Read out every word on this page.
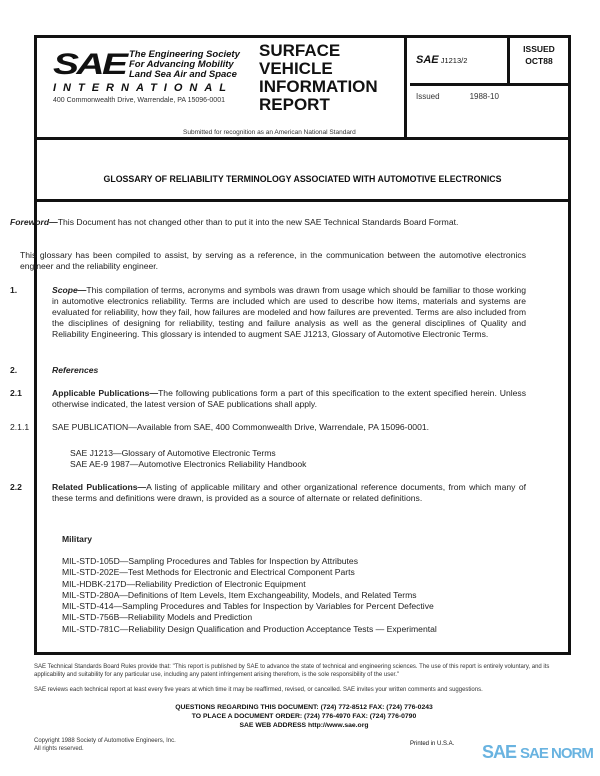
SAE The Engineering Society
For Advancing Mobility
Land Sea Air and Space
INTERNATIONAL
400 Commonwealth Drive, Warrendale, PA 15096-0001
SURFACE
VEHICLE
INFORMATION
REPORT
Submitted for recognition as an American National Standard
SAE J1213/2
ISSUED
OCT88
Issued	1988-10
GLOSSARY OF RELIABILITY TERMINOLOGY ASSOCIATED WITH AUTOMOTIVE ELECTRONICS
Foreword—This Document has not changed other than to put it into the new SAE Technical Standards Board Format.
This glossary has been compiled to assist, by serving as a reference, in the communication between the automotive electronics engineer and the reliability engineer.
1.	Scope—This compilation of terms, acronyms and symbols was drawn from usage which should be familiar to those working in automotive electronics reliability. Terms are included which are used to describe how items, materials and systems are evaluated for reliability, how they fail, how failures are modeled and how failures are prevented. Terms are also included from the disciplines of designing for reliability, testing and failure analysis as well as the general disciplines of Quality and Reliability Engineering. This glossary is intended to augment SAE J1213, Glossary of Automotive Electronic Terms.
2.	References
2.1	Applicable Publications—The following publications form a part of this specification to the extent specified herein. Unless otherwise indicated, the latest version of SAE publications shall apply.
2.1.1	SAE PUBLICATION—Available from SAE, 400 Commonwealth Drive, Warrendale, PA 15096-0001.
SAE J1213—Glossary of Automotive Electronic Terms
SAE AE-9 1987—Automotive Electronics Reliability Handbook
2.2	Related Publications—A listing of applicable military and other organizational reference documents, from which many of these terms and definitions were drawn, is provided as a source of alternate or related definitions.
Military
MIL-STD-105D—Sampling Procedures and Tables for Inspection by Attributes
MIL-STD-202E—Test Methods for Electronic and Electrical Component Parts
MIL-HDBK-217D—Reliability Prediction of Electronic Equipment
MIL-STD-280A—Definitions of Item Levels, Item Exchangeability, Models, and Related Terms
MIL-STD-414—Sampling Procedures and Tables for Inspection by Variables for Percent Defective
MIL-STD-756B—Reliability Models and Prediction
MIL-STD-781C—Reliability Design Qualification and Production Acceptance Tests — Experimental
SAE Technical Standards Board Rules provide that: "This report is published by SAE to advance the state of technical and engineering sciences. The use of this report is entirely voluntary, and its applicability and suitability for any particular use, including any patent infringement arising therefrom, is the sole responsibility of the user."
SAE reviews each technical report at least every five years at which time it may be reaffirmed, revised, or cancelled. SAE invites your written comments and suggestions.
QUESTIONS REGARDING THIS DOCUMENT: (724) 772-8512 FAX: (724) 776-0243
TO PLACE A DOCUMENT ORDER: (724) 776-4970 FAX: (724) 776-0790
SAE WEB ADDRESS http://www.sae.org
Copyright 1988 Society of Automotive Engineers, Inc.
All rights reserved.	SAE SAE NORM
Printed in U.S.A.
